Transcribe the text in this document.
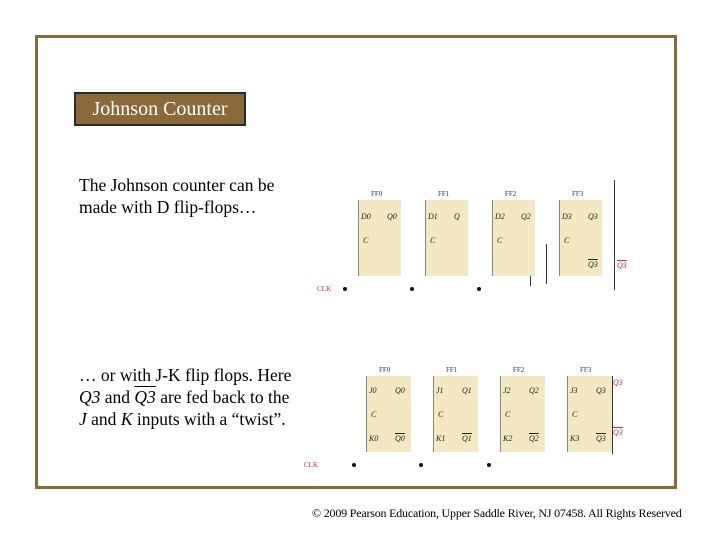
Johnson Counter
The Johnson counter can be made with D flip-flops…
… or with J-K flip flops. Here Q3 and Q3 are fed back to the J and K inputs with a “twist”.
FF0
D0 Q0
C
FF1
D1 Q
C
FF2
D2 Q2
C
FF3
D3 Q3
C
Q3 Q3
CLK
FF0
J0 Q0
C
K0 Q0
FF1
J1 Q1
C
K1 Q1
FF2
J2 Q2
C
K2 Q2
FF3
J3 Q3
C
K3 Q3
Q3
Q3
CLK
© 2009 Pearson Education, Upper Saddle River, NJ 07458. All Rights Reserved
